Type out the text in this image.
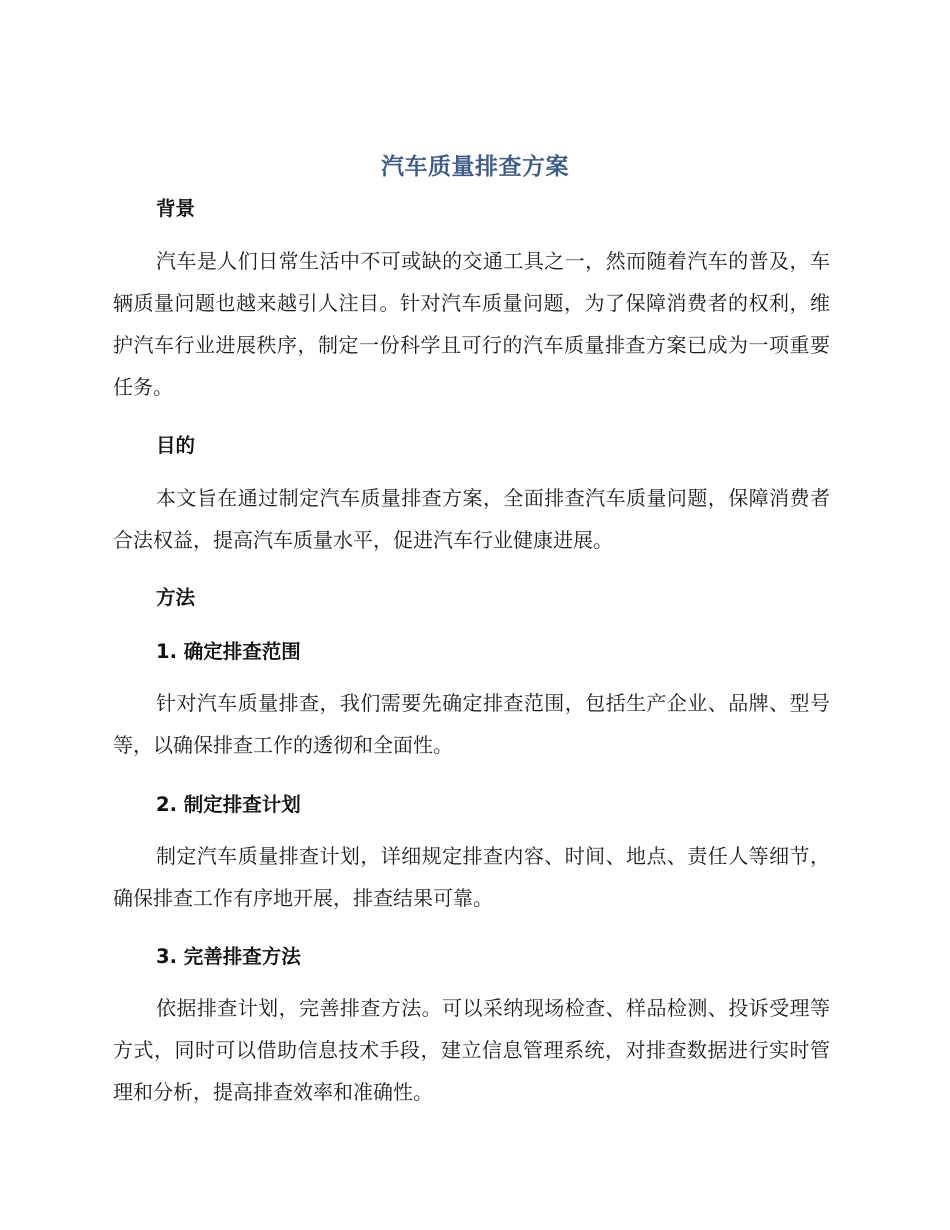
汽车质量排查方案
背景
汽车是人们日常生活中不可或缺的交通工具之一，然而随着汽车的普及，车辆质量问题也越来越引人注目。针对汽车质量问题，为了保障消费者的权利，维护汽车行业进展秩序，制定一份科学且可行的汽车质量排查方案已成为一项重要任务。
目的
本文旨在通过制定汽车质量排查方案，全面排查汽车质量问题，保障消费者合法权益，提高汽车质量水平，促进汽车行业健康进展。
方法
1. 确定排查范围
针对汽车质量排查，我们需要先确定排查范围，包括生产企业、品牌、型号等，以确保排查工作的透彻和全面性。
2. 制定排查计划
制定汽车质量排查计划，详细规定排查内容、时间、地点、责任人等细节，确保排查工作有序地开展，排查结果可靠。
3. 完善排查方法
依据排查计划，完善排查方法。可以采纳现场检查、样品检测、投诉受理等方式，同时可以借助信息技术手段，建立信息管理系统，对排查数据进行实时管理和分析，提高排查效率和准确性。
